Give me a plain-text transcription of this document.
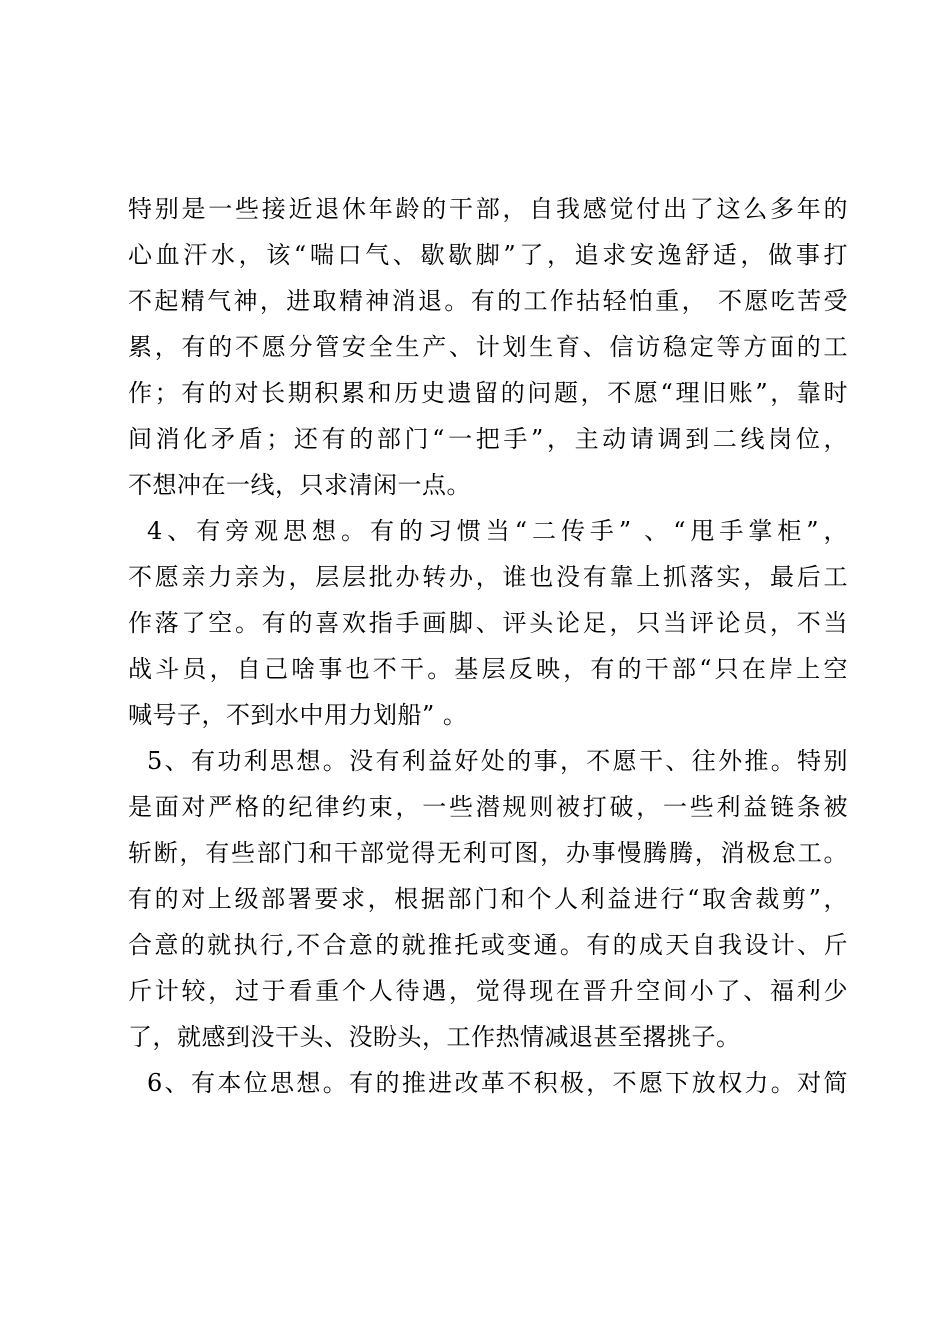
特别是一些接近退休年龄的干部，自我感觉付出了这么多年的
心血汗水，该“喘口气、歇歇脚”了，追求安逸舒适，做事打
不起精气神，进取精神消退。有的工作拈轻怕重， 不愿吃苦受
累，有的不愿分管安全生产、计划生育、信访稳定等方面的工
作；有的对长期积累和历史遗留的问题，不愿“理旧账”，靠时
间消化矛盾；还有的部门“一把手”，主动请调到二线岗位，
不想冲在一线，只求清闲一点。
4、有旁观思想。有的习惯当“二传手” 、“甩手掌柜”，
不愿亲力亲为，层层批办转办，谁也没有靠上抓落实，最后工
作落了空。有的喜欢指手画脚、评头论足，只当评论员，不当
战斗员，自己啥事也不干。基层反映，有的干部“只在岸上空
喊号子，不到水中用力划船” 。
5、有功利思想。没有利益好处的事，不愿干、往外推。特别
是面对严格的纪律约束，一些潜规则被打破，一些利益链条被
斩断，有些部门和干部觉得无利可图，办事慢腾腾，消极怠工。
有的对上级部署要求，根据部门和个人利益进行“取舍裁剪”，
合意的就执行,不合意的就推托或变通。有的成天自我设计、斤
斤计较，过于看重个人待遇，觉得现在晋升空间小了、福利少
了，就感到没干头、没盼头，工作热情减退甚至撂挑子。
6、有本位思想。有的推进改革不积极，不愿下放权力。对简
